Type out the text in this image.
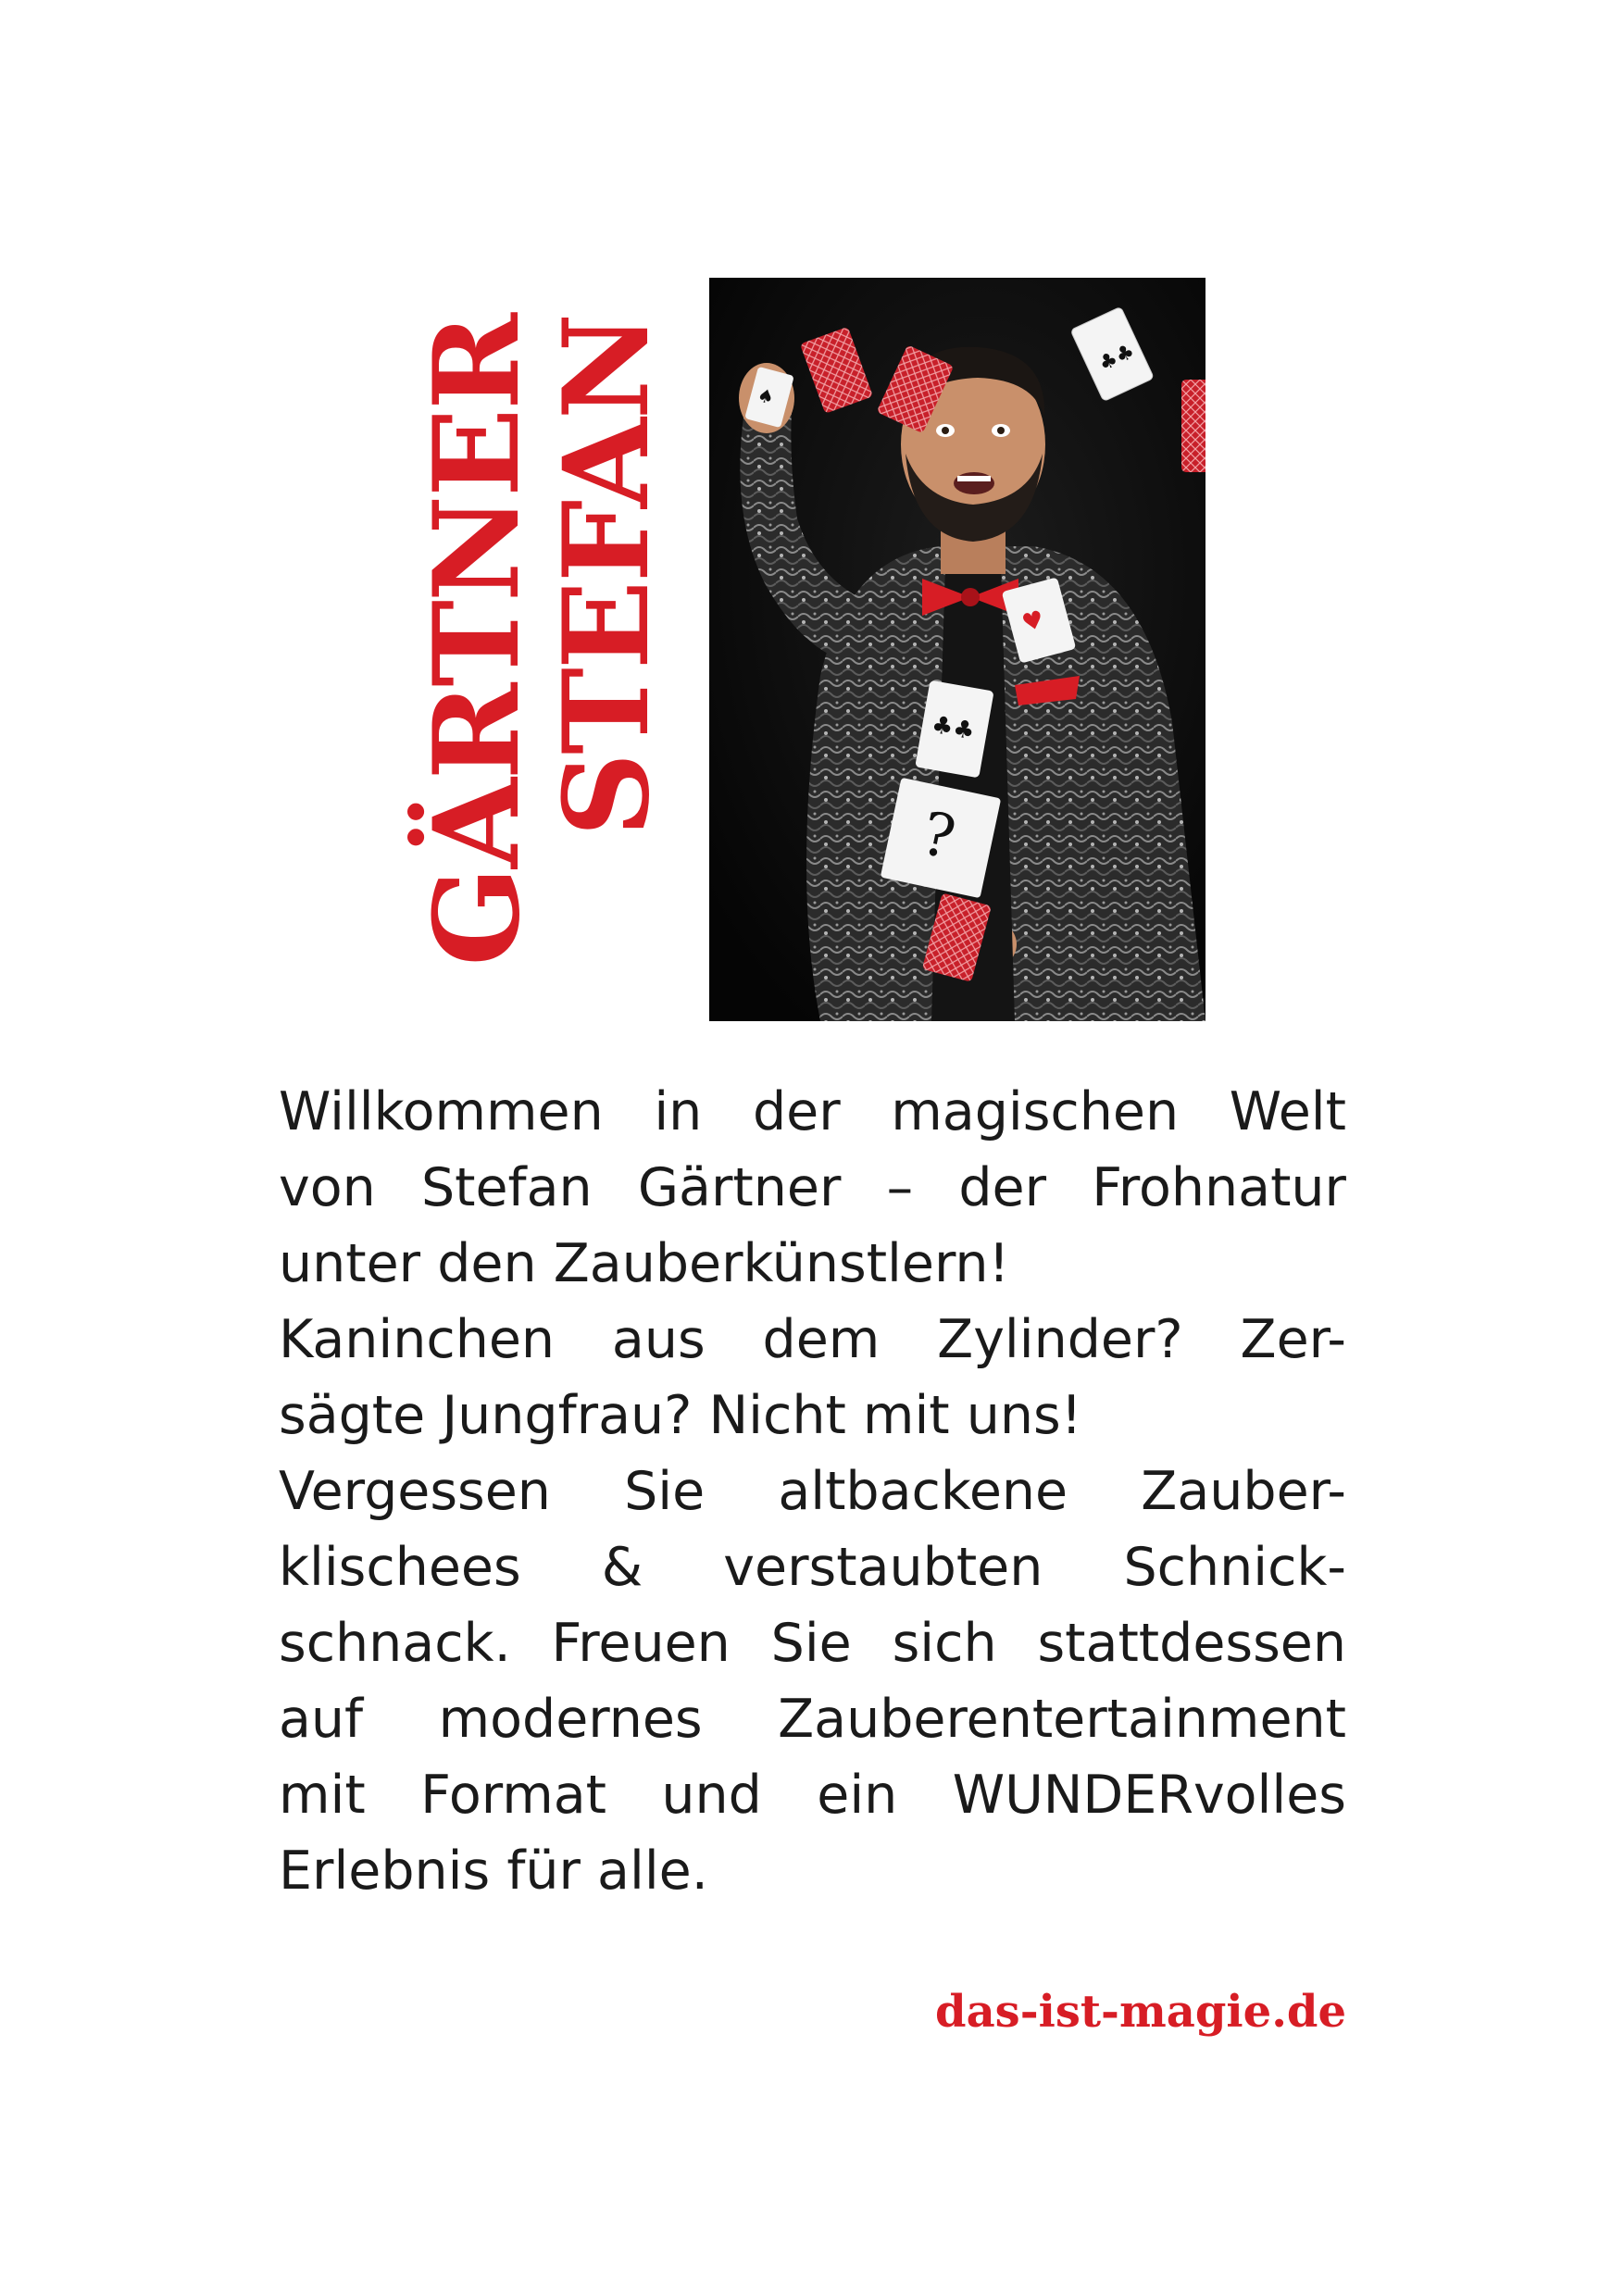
GÄRTNER
STEFAN	♣♣
♥
♣♣
♠
?
Willkommen in der magischen Welt
von Stefan Gärtner – der Frohnatur
unter den Zauberkünstlern!
Kaninchen aus dem Zylinder? Zer-
sägte Jungfrau? Nicht mit uns!
Vergessen Sie altbackene Zauber-
klischees & verstaubten Schnick-
schnack. Freuen Sie sich stattdessen
auf modernes Zauberentertainment
mit Format und ein WUNDERvolles
Erlebnis für alle.
das-ist-magie.de
